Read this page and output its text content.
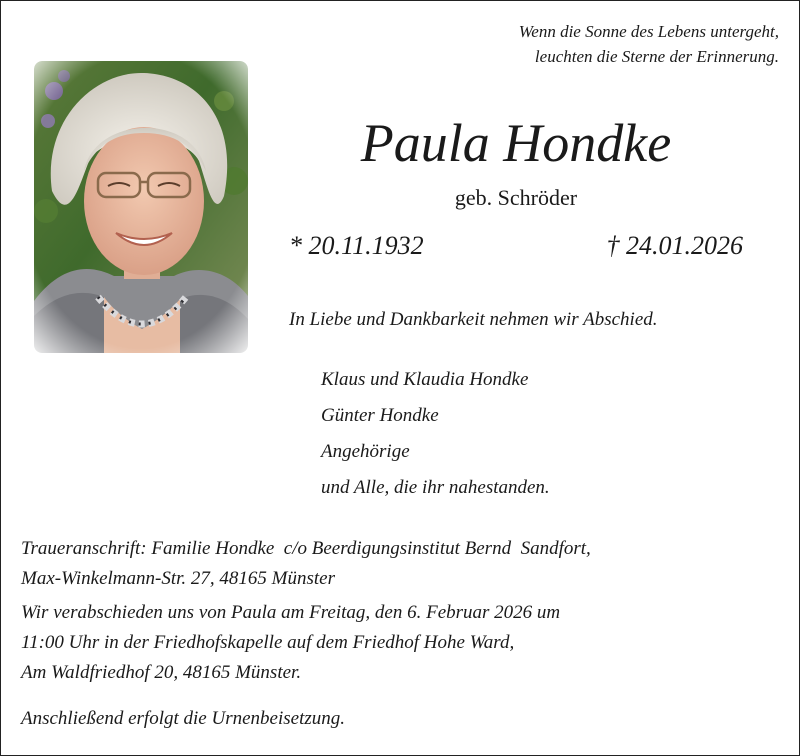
Wenn die Sonne des Lebens untergeht,
leuchten die Sterne der Erinnerung.
Paula Hondke
geb. Schröder
* 20.11.1932	† 24.01.2026
In Liebe und Dankbarkeit nehmen wir Abschied.
Klaus und Klaudia Hondke
Günter Hondke
Angehörige
und Alle, die ihr nahestanden.
Traueranschrift: Familie Hondke  c/o Beerdigungsinstitut Bernd  Sandfort,
Max-Winkelmann-Str. 27, 48165 Münster
Wir verabschieden uns von Paula am Freitag, den 6. Februar 2026 um
11:00 Uhr in der Friedhofskapelle auf dem Friedhof Hohe Ward,
Am Waldfriedhof 20, 48165 Münster.
Anschließend erfolgt die Urnenbeisetzung.
